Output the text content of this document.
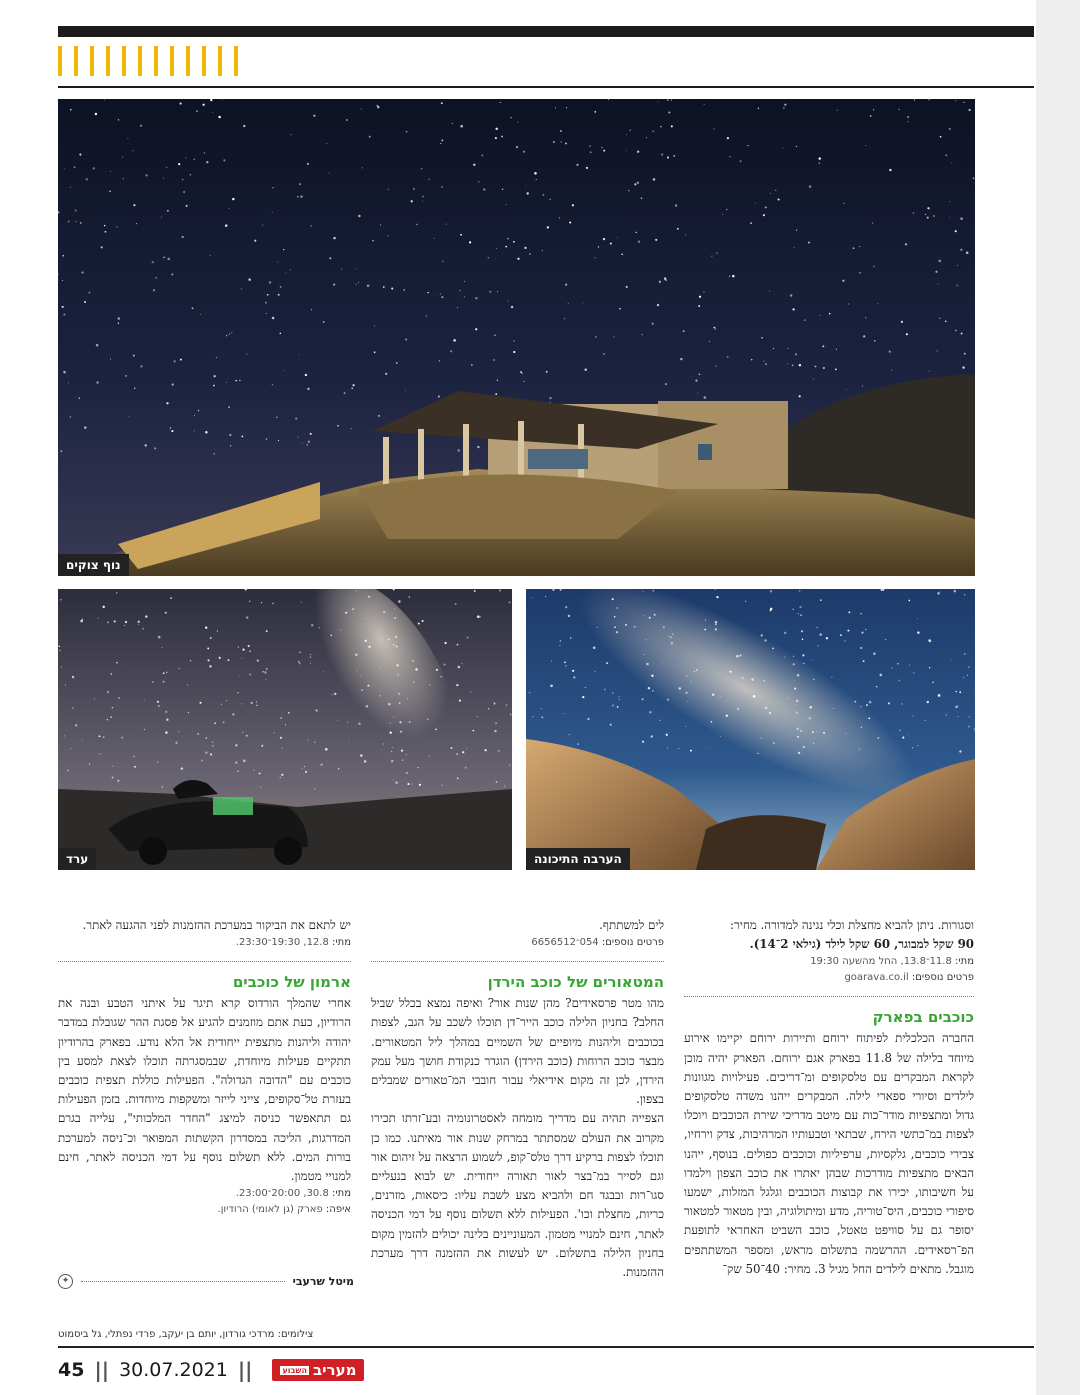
נוף צוקים
ערד	הערבה התיכונה

וסגורות. ניתן להביא מחצלת וכלי נגינה למדורה. מחיר:

90 שקל למבוגר, 60 שקל לילד (גילאי 2־14).

מתי: 11.8־13.8, החל מהשעה 19:30
פרטים נוספים: goarava.co.il
כוכבים בפארק

החברה הכלכלית לפיתוח ירוחם ותיירות ירוחם יקיימו אירוע מיוחד בלילה של 11.8 בפארק אגם ירוחם. הפארק יהיה מוכן לקראת המבקרים עם טלסקופים ומ־דריכים. פעילויות מגוונות לילדים וסיורי ספארי לילה. המבקרים ייהנו משדה טלסקופים גדול ומתצפיות מודר־כות עם מיטב מדריכי שירת הכוכבים ויוכלו לצפות במ־כתשי הירח, שבתאי וטבעותיו המרהיבות, צדק וירחיו, צבירי כוכבים, גלקסיות, ערפיליות וכוכבים כפולים. בנוסף, ייהנו הבאים מתצפיות מודרכות שבהן יאתרו את כוכב הצפון וילמדו על חשיבותו, יכירו את קבוצות הכוכבים וגלגל המזלות, ישמעו סיפורי כוכבים, היס־טוריה, מדע ומיתולוגיה, ובין מטאור למטאור יסופר גם על סוויפט טאטל, כוכב השביט האחראי לתופעת הפ־רסאידים. ההרשמה בתשלום מראש, ומספר המשתתפים מוגבל. מתאים לילדים החל מגיל 3. מחיר: 40־50 שק־

לים למשתתף.

פרטים נוספים: 054־6656512
המטאורים של כוכב הירדן

מהו מטר פרסאידים? מהן שנות אור? ואיפה נמצא בכלל שביל החלב? בחניון הלילה כוכב הייר־דן תוכלו לשכב על הגב, לצפות בכוכבים וליהנות מיופיים של השמיים במהלך ליל המטאורים. מבצר כוכב הרוחות (כוכב הירדן) הוגדר כנקודת חושך מעל עמק הירדן, לכן זה מקום אידיאלי עבור חובבי המ־טאורים שמבלים בצפון.

הצפייה תהיה עם מדריך מומחה לאסטרונומיה ובע־זרתו תכירו מקרוב את העולם שמסתתר במרחק שנות אור מאיתנו. כמו כן תוכלו לצפות ברקיע דרך טלס־קופ, לשמוע הרצאה על זיהום אור וגם לסייר במ־בצר לאור תאורה ייחודית. יש לבוא בנעליים סגו־רות ובבגד חם ולהביא מצע לשבת עליו: כיסאות, מזרנים, כריות, מחצלת וכו'. הפעילות ללא תשלום נוסף על דמי הכניסה לאתר, חינם למנויי מטמון. המעוניינים בלינה יכולים להזמין מקום בחניון הלילה בתשלום. יש לעשות את ההזמנה דרך מערכת ההזמנות.

יש לתאם את הביקור במערכת ההזמנות לפני ההגעה לאתר.

מתי: 12.8, 19:30־23:30.
ארמון של כוכבים

אחרי שהמלך הורדוס קרא תיגר על איתני הטבע ובנה את הרודיון, כעת אתם מוזמנים להגיע אל פסגת ההר שגובלת במדבר יהודה וליהנות מתצפית ייחודית אל הלא נודע. בפארק בהרודיון תתקיים פעילות מיוחדת, שבמסגרתה תוכלו לצאת למסע בין כוכבים עם "הדובה הגדולה". הפעילות כוללת תצפית כוכבים בעזרת טל־סקופים, צייני לייזר ומשקפות מיוחדות. בזמן הפעילות גם תתאפשר כניסה למיצג "החדר המלכותי", עלייה בגרם המדרגות, הליכה במסדרון הקשתות המפואר וכ־ניסה למערכת בורות המים. ללא תשלום נוסף על דמי הכניסה לאתר, חינם למנויי מטמון.

מתי: 30.8, 20:00־23:00.
איפה: פארק (גן לאומי) הרודיון.
מיטל שרעבי
✦
צילומים: מרדכי גורדון, יותם בן יעקב, פרדי נפתלי, גל ביסמוט
45 || 30.07.2021 ||	מעריב
השבוע
